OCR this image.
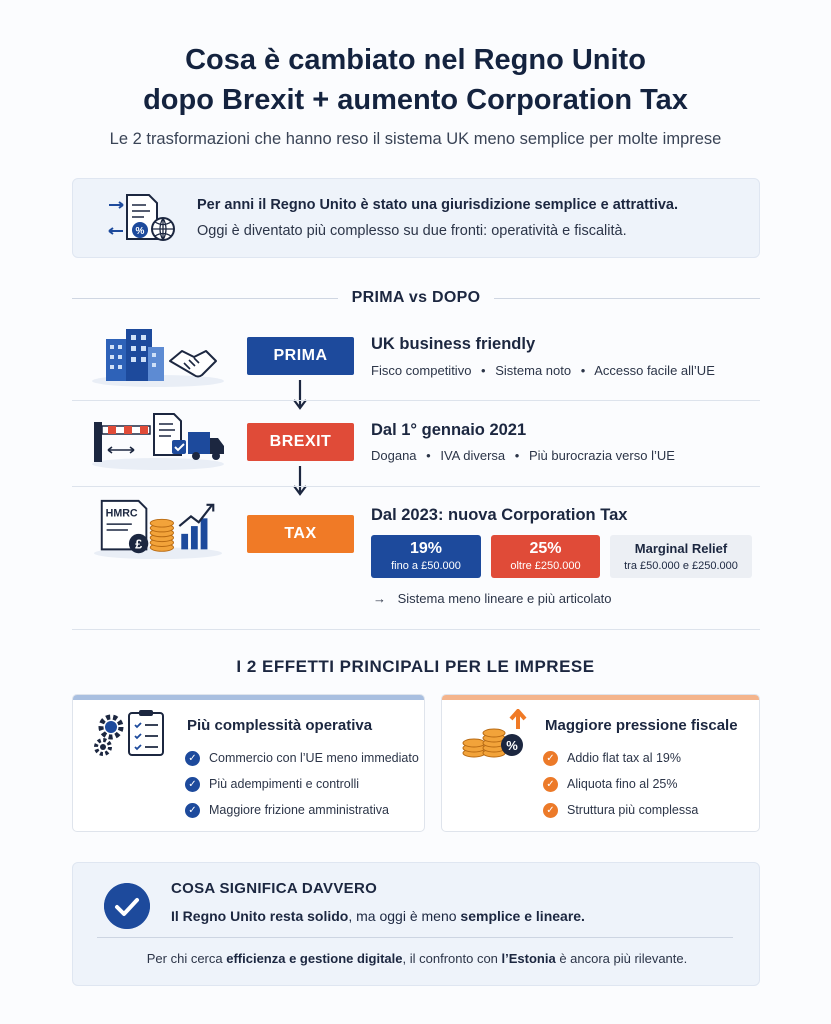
Cosa è cambiato nel Regno Unito
dopo Brexit + aumento Corporation Tax
Le 2 trasformazioni che hanno reso il sistema UK meno semplice per molte imprese
%
Per anni il Regno Unito è stato una giurisdizione semplice e attrattiva.
Oggi è diventato più complesso su due fronti: operatività e fiscalità.
PRIMA vs DOPO
PRIMA
UK business friendly
Fisco competitivo • Sistema noto • Accesso facile all’UE
BREXIT
Dal 1° gennaio 2021
Dogana • IVA diversa • Più burocrazia verso l’UE
HMRC
£
TAX
Dal 2023: nuova Corporation Tax
19%
fino a £50.000
25%
oltre £250.000
Marginal Relief
tra £50.000 e £250.000
→ Sistema meno lineare e più articolato
I 2 EFFETTI PRINCIPALI PER LE IMPRESE
Più complessità operativa
✓ Commercio con l’UE meno immediato
✓ Più adempimenti e controlli
✓ Maggiore frizione amministrativa
%
Maggiore pressione fiscale
✓ Addio flat tax al 19%
✓ Aliquota fino al 25%
✓ Struttura più complessa
COSA SIGNIFICA DAVVERO
Il Regno Unito resta solido, ma oggi è meno semplice e lineare.
Per chi cerca efficienza e gestione digitale, il confronto con l’Estonia è ancora più rilevante.
